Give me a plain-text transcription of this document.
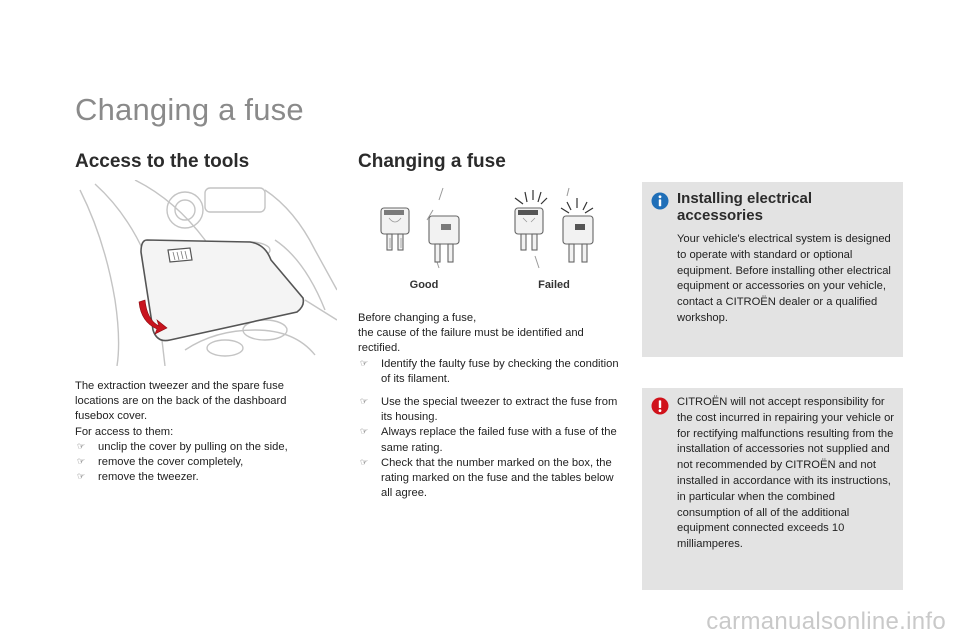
Changing a fuse
Access to the tools

The extraction tweezer and the spare fuse locations are on the back of the dashboard fusebox cover.

For access to them:

☞ unclip the cover by pulling on the side,
☞ remove the cover completely,
☞ remove the tweezer.
Changing a fuse
Good	Failed

Before changing a fuse,

the cause of the failure must be identified and rectified.

☞ Identify the faulty fuse by checking the condition of its filament.
☞ Use the special tweezer to extract the fuse from its housing.
☞ Always replace the failed fuse with a fuse of the same rating.
☞ Check that the number marked on the box, the rating marked on the fuse and the tables below all agree.
Installing electrical
accessories
Your vehicle's electrical system is designed to operate with standard or optional equipment. Before installing other electrical equipment or accessories on your vehicle, contact a CITROËN dealer or a qualified workshop.
CITROËN will not accept responsibility for the cost incurred in repairing your vehicle or for rectifying malfunctions resulting from the installation of accessories not supplied and not recommended by CITROËN and not installed in accordance with its instructions, in particular when the combined consumption of all of the additional equipment connected exceeds 10 milliamperes.
carmanualsonline.info
